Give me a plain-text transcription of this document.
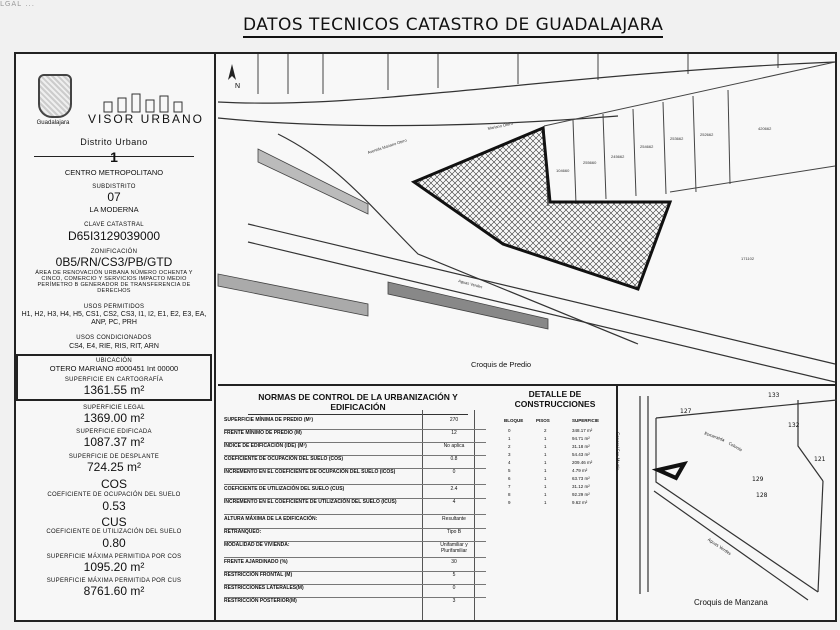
LGAL ...
DATOS TECNICOS CATASTRO DE GUADALAJARA
Guadalajara	VISOR URBANO
Distrito Urbano
1
CENTRO METROPOLITANO
SUBDISTRITO
07
LA MODERNA
CLAVE CATASTRAL
D65I3129039000
ZONIFICACIÓN
0B5/RN/CS3/PB/GTD
ÁREA DE RENOVACIÓN URBANA NÚMERO OCHENTA Y CINCO, COMERCIO Y SERVICIOS IMPACTO MEDIO PERÍMETRO B GENERADOR DE TRANSFERENCIA DE DERECHOS
USOS PERMITIDOS
H1, H2, H3, H4, H5, CS1, CS2, CS3, I1, I2, E1, E2, E3, EA, ANP, PC, PRH
USOS CONDICIONADOS
CS4, E4, RIE, RIS, RIT, ARN
UBICACIÓN
OTERO MARIANO #000451 Int 00000
SUPERFICIE EN CARTOGRAFÍA
1361.55 m²
SUPERFICIE LEGAL
1369.00 m²
SUPERFICIE EDIFICADA
1087.37 m²
SUPERFICIE DE DESPLANTE
724.25 m²
COS
COEFICIENTE DE OCUPACIÓN DEL SUELO
0.53
CUS
COEFICIENTE DE UTILIZACIÓN DEL SUELO
0.80
SUPERFICIE MÁXIMA PERMITIDA POR COS
1095.20 m²
SUPERFICIE MÁXIMA PERMITIDA POR CUS
8761.60 m²
N
104660
255660
245662
254662
253662
252662
420662
171102
Avenida Mariano Otero
Mariano Otero
Aguas Verdes
Croquis de Predio
NORMAS DE CONTROL DE LA URBANIZACIÓN Y EDIFICACIÓN
SUPERFICIE MÍNIMA DE PREDIO (M²)	270
FRENTE MÍNIMO DE PREDIO (M)	12
ÍNDICE DE EDIFICACIÓN (IDE) (M²)	No aplica
COEFICIENTE DE OCUPACIÓN DEL SUELO (COS)	0.8
INCREMENTO EN EL COEFICIENTE DE OCUPACIÓN DEL SUELO (ICOS)	0
COEFICIENTE DE UTILIZACIÓN DEL SUELO (CUS)	2.4
INCREMENTO EN EL COEFICIENTE DE UTILIZACIÓN DEL SUELO (ICUS)	4
ALTURA MÁXIMA DE LA EDIFICACIÓN:	Resultante
RETRANQUEO:	Tipo B
MODALIDAD DE VIVIENDA:	Unifamiliar y Plurifamiliar
FRENTE AJARDINADO (%)	30
RESTRICCIÓN FRONTAL (M)	5
RESTRICCIONES LATERALES(M)	0
RESTRICCIÓN POSTERIOR(M)	3
DETALLE DE CONSTRUCCIONES
BLOQUE	PISOS	SUPERFICIE
0	2	348.17 m²
1	1	94.71 m²
2	1	31.18 m²
3	1	54.43 m²
4	1	209.46 m²
5	1	4.79 m²
6	1	63.73 m²
7	1	31.12 m²
8	1	92.29 m²
9	1	9.62 m²
127
133
132
121
129
128
Esmeralda
Colonia
General San Martín
Aguas Verdes
Croquis de Manzana
